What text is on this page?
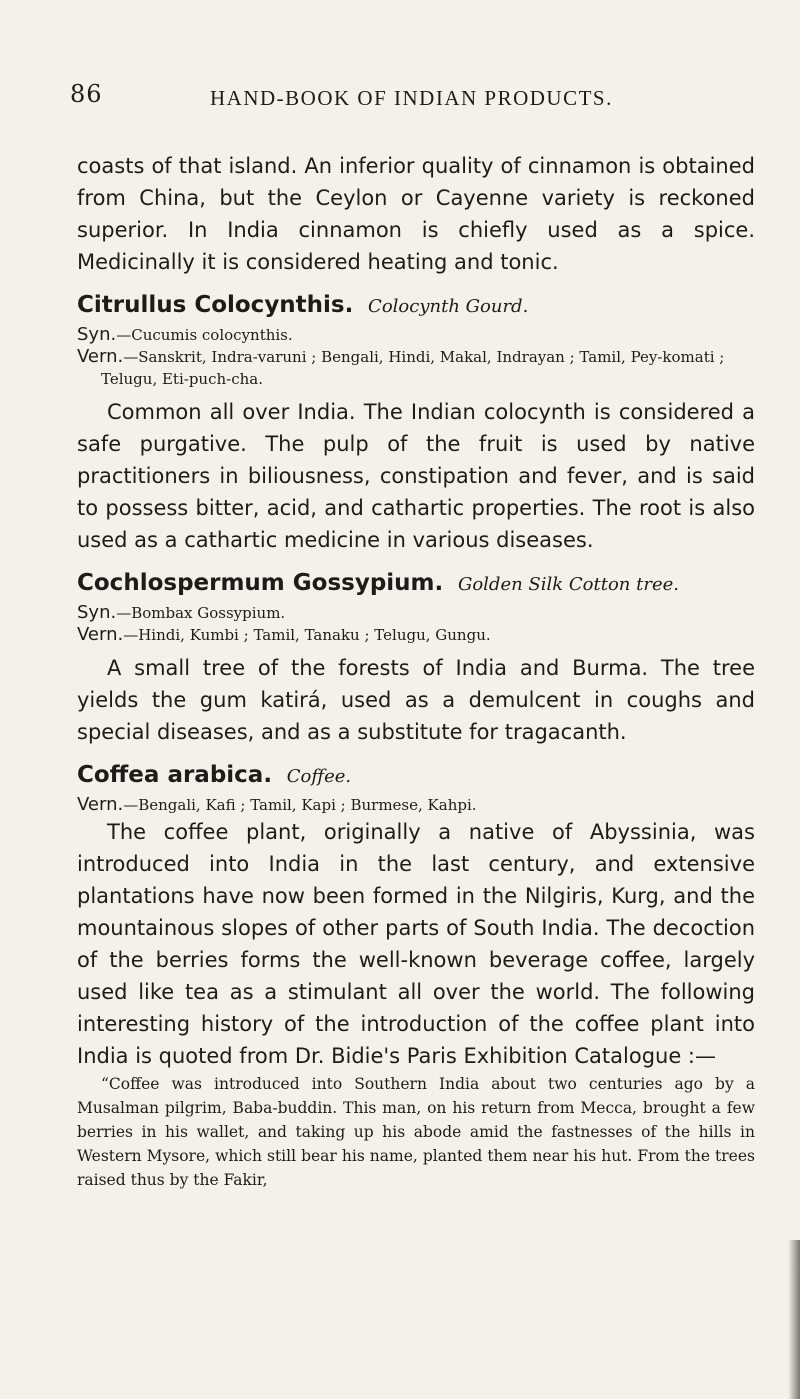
86	HAND-BOOK OF INDIAN PRODUCTS.

coasts of that island. An inferior quality of cinnamon is obtained from China, but the Ceylon or Cayenne variety is reckoned superior. In India cinnamon is chiefly used as a spice. Medicinally it is considered heating and tonic.

Citrullus Colocynthis. Colocynth Gourd.

Syn.—Cucumis colocynthis.

Vern.—Sanskrit, Indra-varuni ; Bengali, Hindi, Makal, Indrayan ; Tamil, Pey-komati ; Telugu, Eti-puch-cha.

Common all over India. The Indian colocynth is considered a safe purgative. The pulp of the fruit is used by native practitioners in biliousness, constipation and fever, and is said to possess bitter, acid, and cathartic properties. The root is also used as a cathartic medicine in various diseases.

Cochlospermum Gossypium. Golden Silk Cotton tree.

Syn.—Bombax Gossypium.

Vern.—Hindi, Kumbi ; Tamil, Tanaku ; Telugu, Gungu.

A small tree of the forests of India and Burma. The tree yields the gum katirá, used as a demulcent in coughs and special diseases, and as a substitute for tragacanth.

Coffea arabica. Coffee.

Vern.—Bengali, Kafi ; Tamil, Kapi ; Burmese, Kahpi.

The coffee plant, originally a native of Abyssinia, was introduced into India in the last century, and extensive plantations have now been formed in the Nilgiris, Kurg, and the mountainous slopes of other parts of South India. The decoction of the berries forms the well-known beverage coffee, largely used like tea as a stimulant all over the world. The following interesting history of the introduction of the coffee plant into India is quoted from Dr. Bidie's Paris Exhibition Catalogue :—

“Coffee was introduced into Southern India about two centuries ago by a Musalman pilgrim, Baba-buddin. This man, on his return from Mecca, brought a few berries in his wallet, and taking up his abode amid the fastnesses of the hills in Western Mysore, which still bear his name, planted them near his hut. From the trees raised thus by the Fakir,
